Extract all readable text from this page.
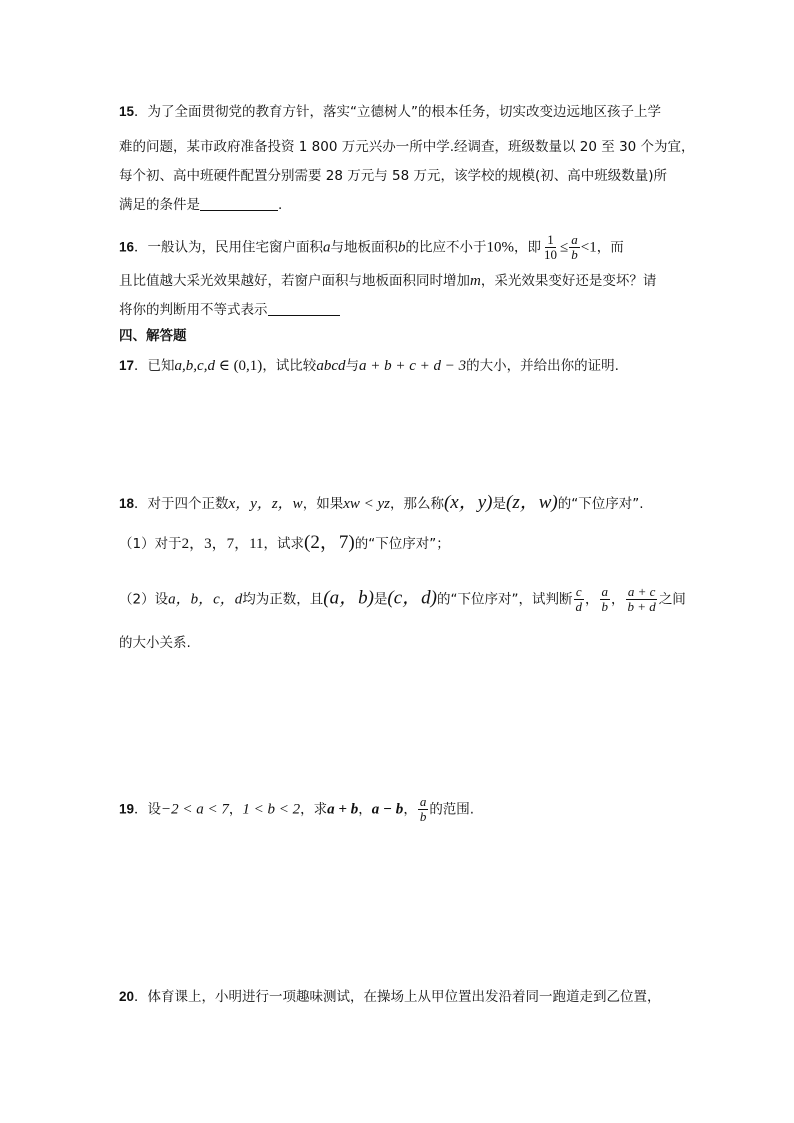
15．为了全面贯彻党的教育方针，落实“立德树人”的根本任务，切实改变边远地区孩子上学
难的问题，某市政府准备投资 1 800 万元兴办一所中学.经调查，班级数量以 20 至 30 个为宜，
每个初、高中班硬件配置分别需要 28 万元与 58 万元，该学校的规模(初、高中班级数量)所
满足的条件是	.
16．一般认为，民用住宅窗户面积a与地板面积b的比应不小于10%，即 $\frac{1}{10} \le \frac{a}{b} <1$，而
且比值越大采光效果越好，若窗户面积与地板面积同时增加m，采光效果变好还是变坏？请
将你的判断用不等式表示
四、解答题
17．已知a,b,c,d ∈ (0,1)，试比较abcd与a + b + c + d − 3的大小，并给出你的证明.
18．对于四个正数x，y，z，w，如果xw < yz，那么称(x，y)是(z，w)的“下位序对”.
（1）对于2，3，7，11，试求(2，7)的“下位序对”；
（2）设a，b，c，d均为正数，且(a，b)是(c，d)的“下位序对”，试判断 $\frac{c}{d}$ ， $\frac{a}{b}$ ， $\frac{a + c}{b + d}$ 之间
的大小关系.
19．设−2 < a < 7，1 < b < 2，求a + b，a − b， $\frac{a}{b}$ 的范围.
20．体育课上，小明进行一项趣味测试，在操场上从甲位置出发沿着同一跑道走到乙位置，
